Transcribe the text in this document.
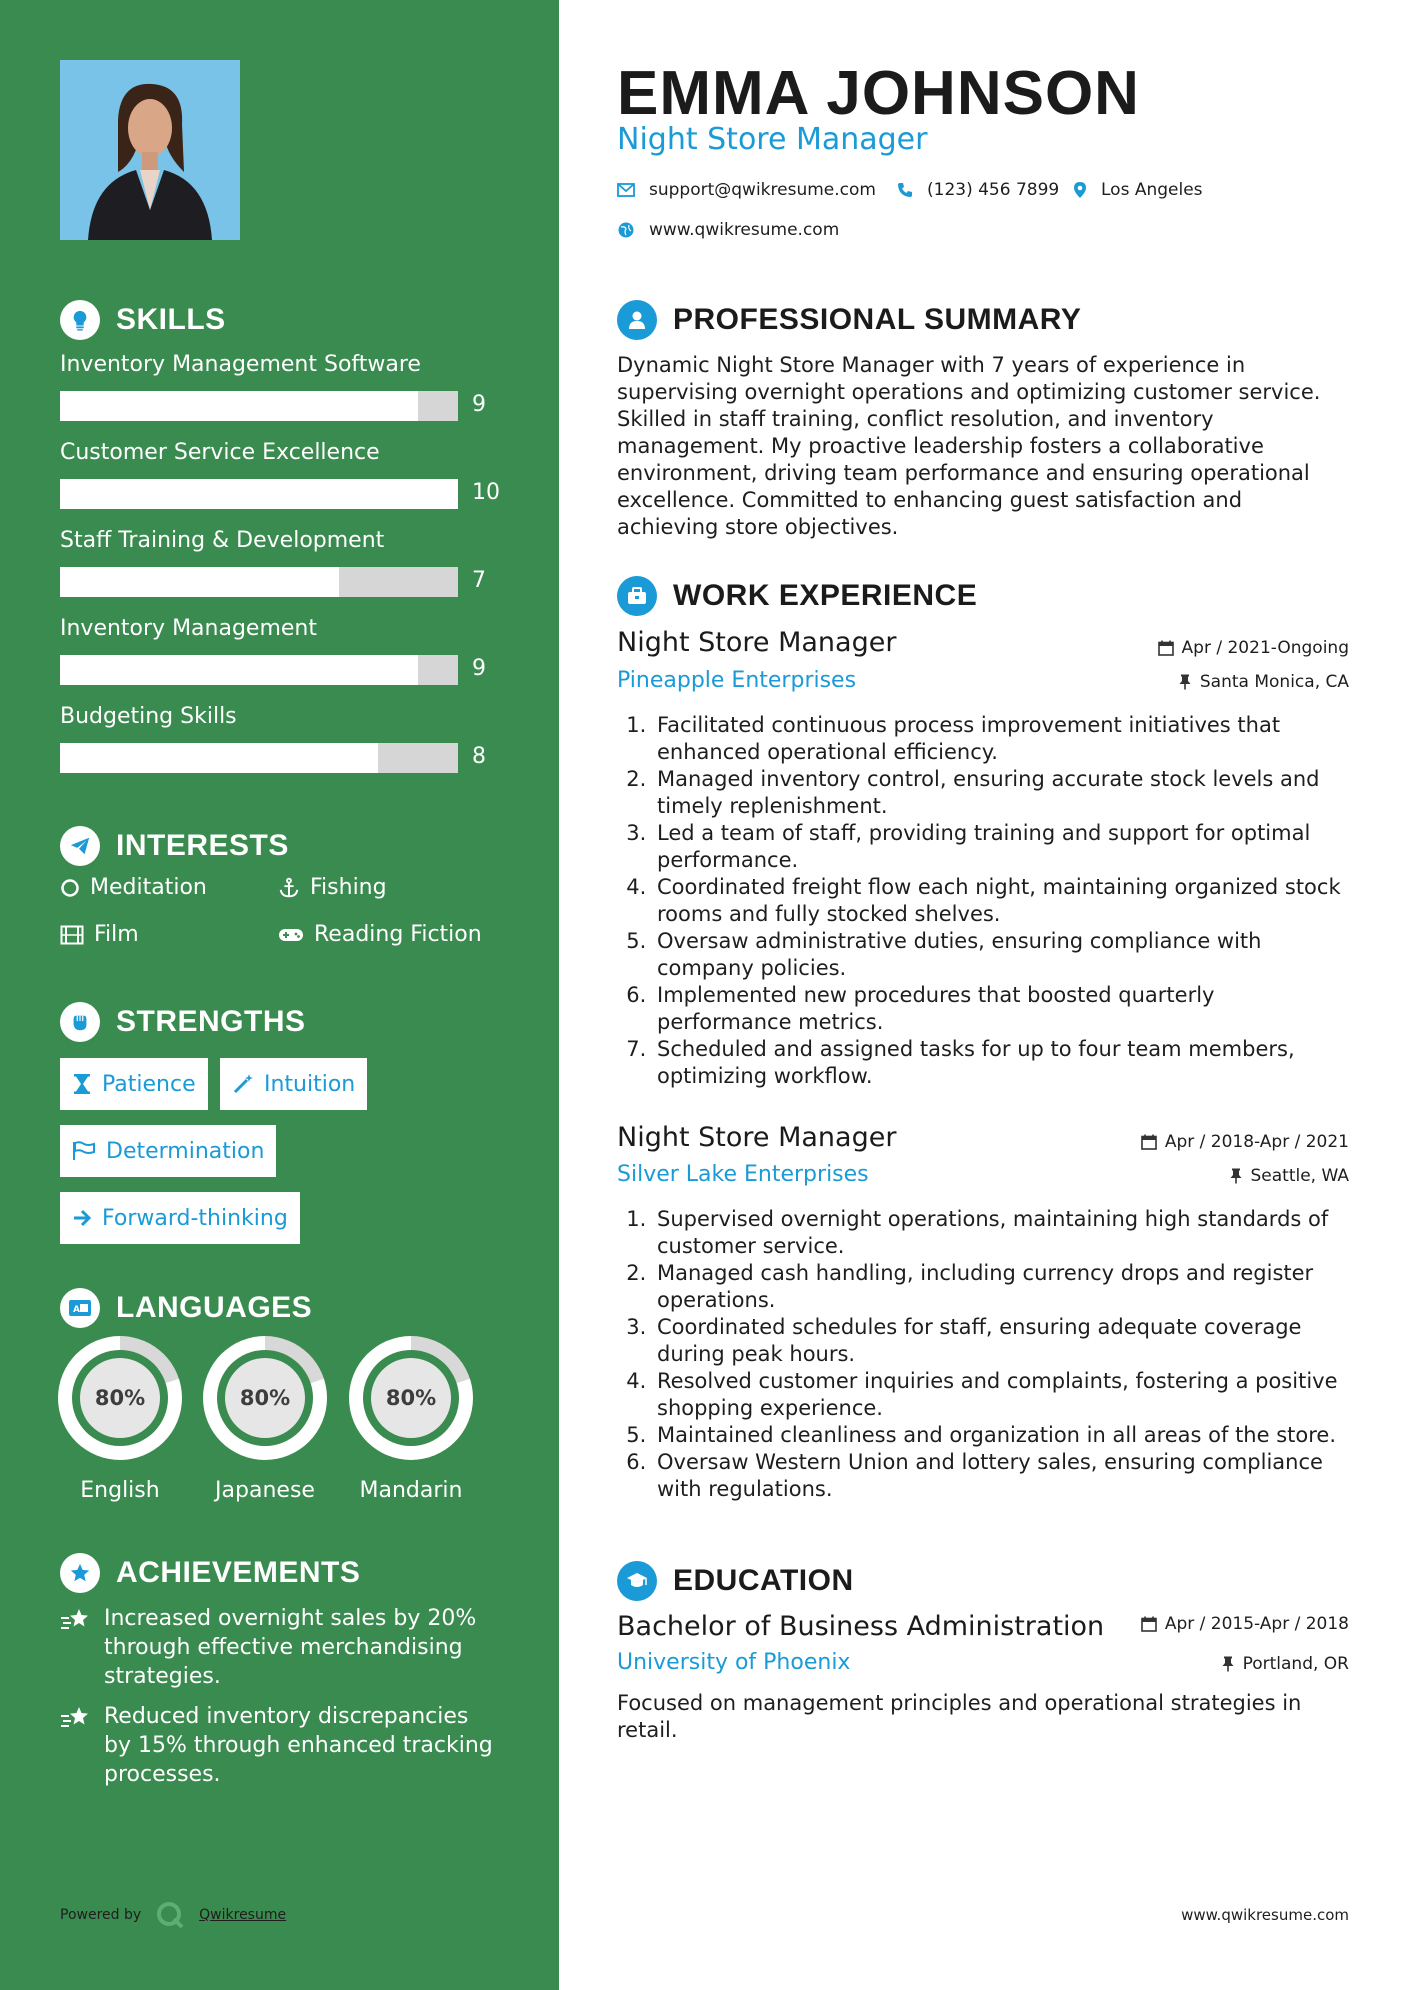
SKILLS
Inventory Management Software
9
Customer Service Excellence
10
Staff Training & Development
7
Inventory Management
9
Budgeting Skills
8
INTERESTS
Meditation	Fishing
Film	Reading Fiction
STRENGTHS
Patience	Intuition
Determination
Forward-thinking
A LANGUAGES
80%
English
80%
Japanese
80%
Mandarin
ACHIEVEMENTS
Increased overnight sales by 20% through effective merchandising strategies.
Reduced inventory discrepancies by 15% through enhanced tracking processes.
Powered by	Qwikresume
EMMA JOHNSON
Night Store Manager
support@qwikresume.com	(123) 456 7899 Los Angeles
www.qwikresume.com
PROFESSIONAL SUMMARY
Dynamic Night Store Manager with 7 years of experience in supervising overnight operations and optimizing customer service. Skilled in staff training, conflict resolution, and inventory management. My proactive leadership fosters a collaborative environment, driving team performance and ensuring operational excellence. Committed to enhancing guest satisfaction and achieving store objectives.
WORK EXPERIENCE
Night Store Manager	Apr / 2021-Ongoing
Pineapple Enterprises	Santa Monica, CA
1. Facilitated continuous process improvement initiatives that enhanced operational efficiency.
2. Managed inventory control, ensuring accurate stock levels and timely replenishment.
3. Led a team of staff, providing training and support for optimal performance.
4. Coordinated freight flow each night, maintaining organized stock rooms and fully stocked shelves.
5. Oversaw administrative duties, ensuring compliance with company policies.
6. Implemented new procedures that boosted quarterly performance metrics.
7. Scheduled and assigned tasks for up to four team members, optimizing workflow.
Night Store Manager	Apr / 2018-Apr / 2021
Silver Lake Enterprises	Seattle, WA
1. Supervised overnight operations, maintaining high standards of customer service.
2. Managed cash handling, including currency drops and register operations.
3. Coordinated schedules for staff, ensuring adequate coverage during peak hours.
4. Resolved customer inquiries and complaints, fostering a positive shopping experience.
5. Maintained cleanliness and organization in all areas of the store.
6. Oversaw Western Union and lottery sales, ensuring compliance with regulations.
EDUCATION
Bachelor of Business Administration	Apr / 2015-Apr / 2018
University of Phoenix	Portland, OR
Focused on management principles and operational strategies in retail.
www.qwikresume.com
